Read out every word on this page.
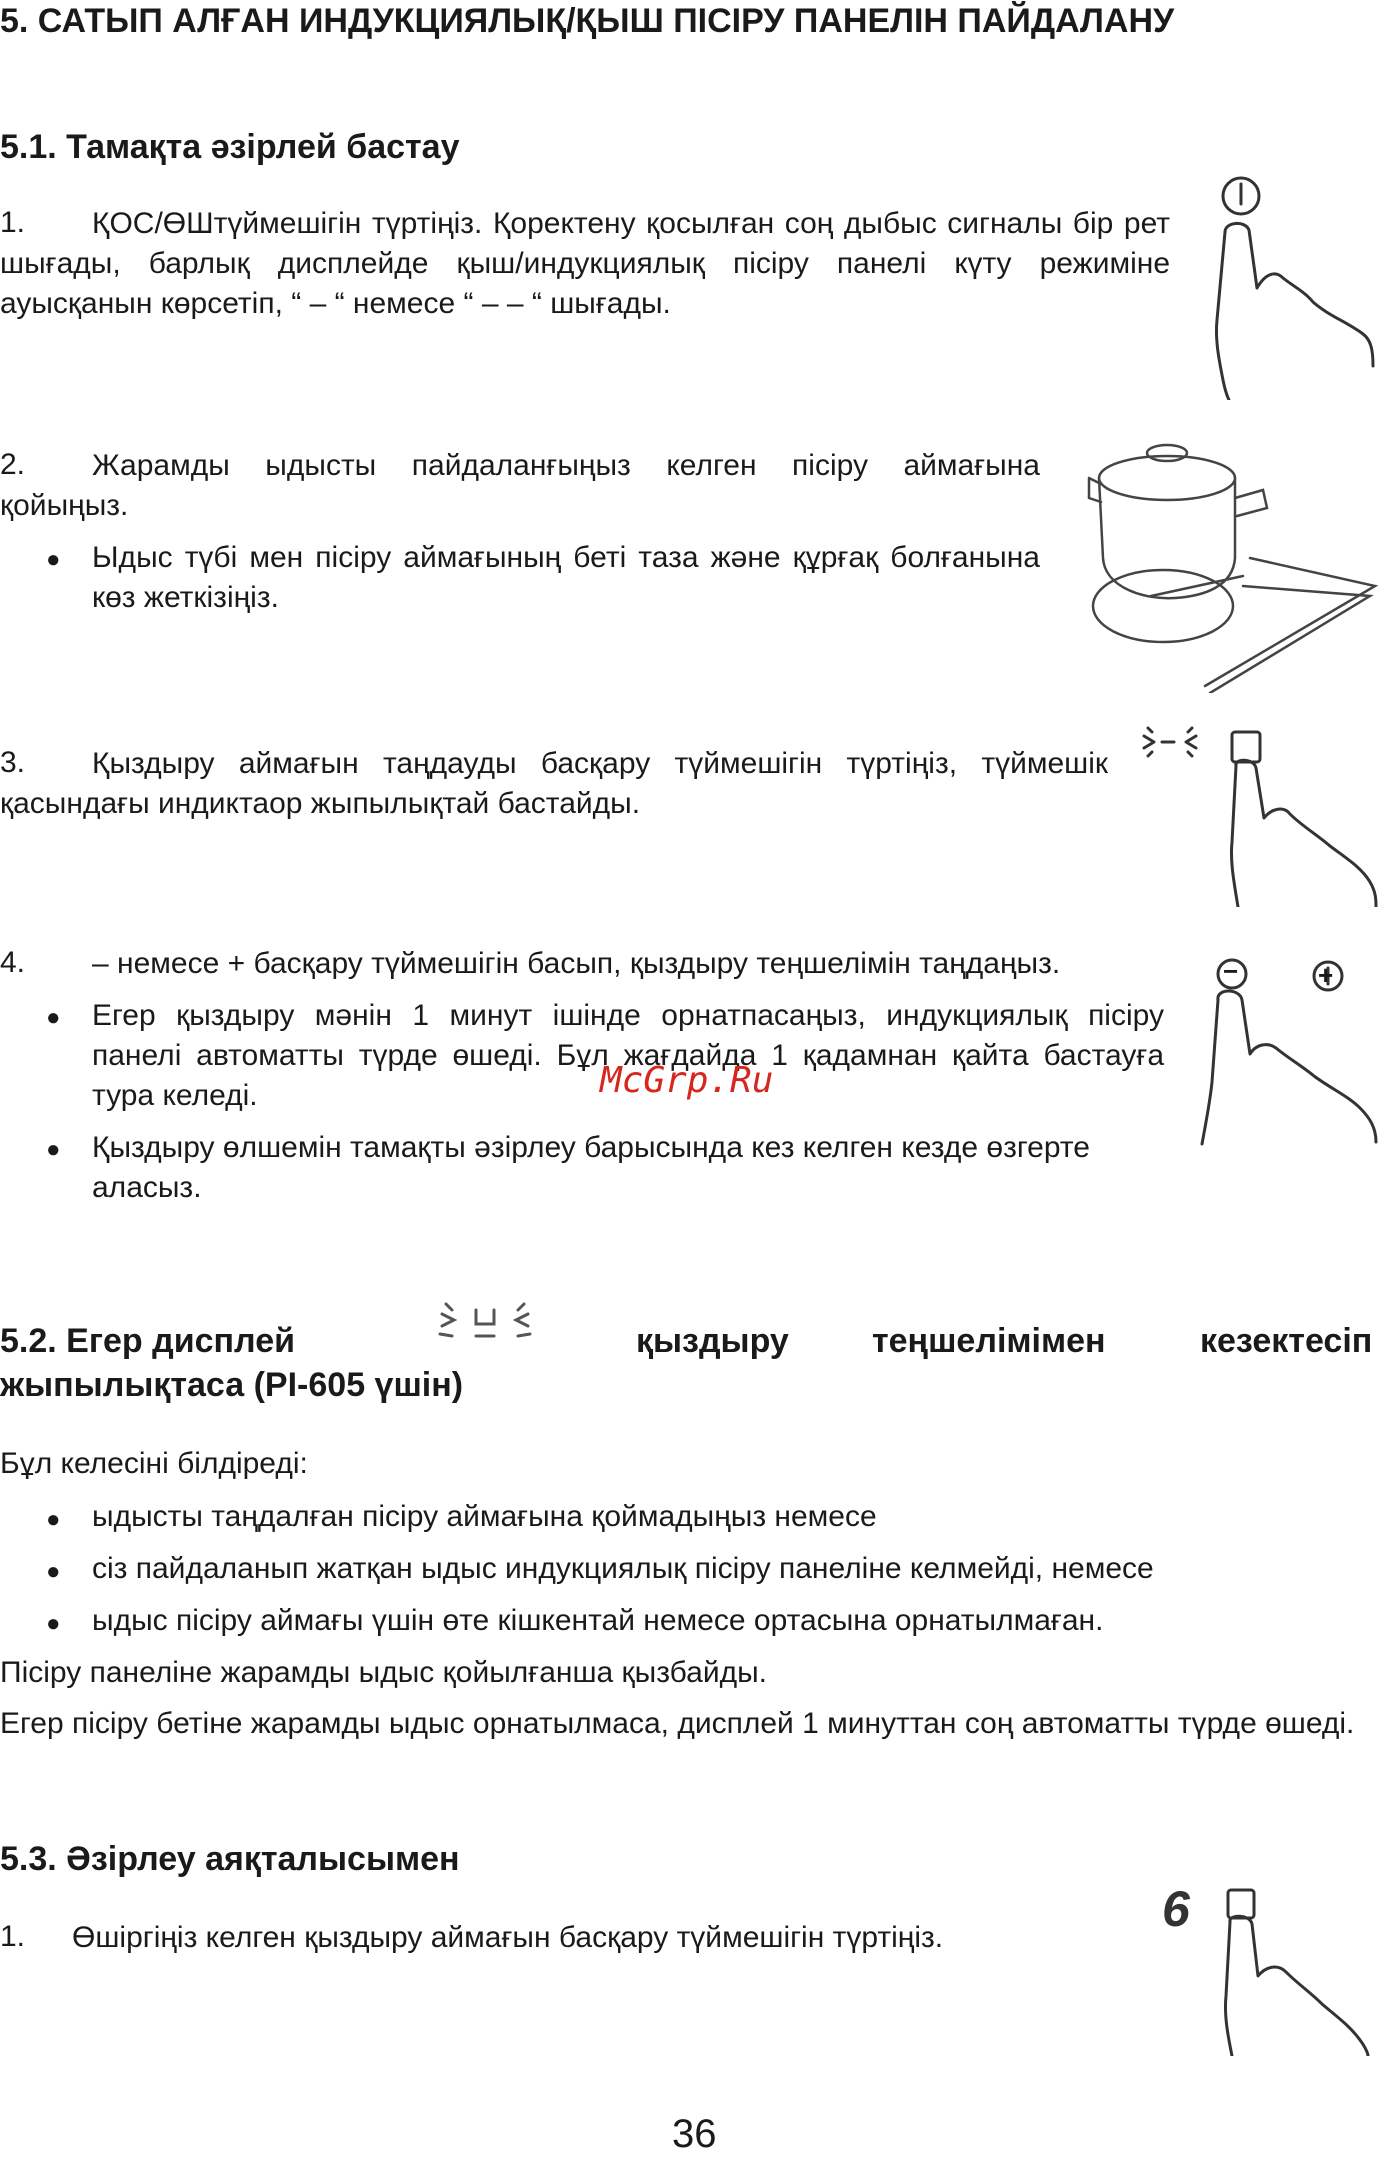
5. САТЫП АЛҒАН ИНДУКЦИЯЛЫҚ/ҚЫШ ПІСІРУ ПАНЕЛІН ПАЙДАЛАНУ
5.1. Тамақта әзірлей бастау
1.	ҚОС/ӨШтүймешігін түртіңіз. Қоректену қосылған соң дыбыс сигналы бір рет шығады, барлық дисплейде қыш/индукциялық пісіру панелі күту режиміне ауысқанын көрсетіп, “ – “ немесе “ – – “ шығады.
2.	Жарамды ыдысты пайдаланғыңыз келген пісіру аймағына қойыңыз.
● Ыдыс түбі мен пісіру аймағының беті таза және құрғақ болғанына көз жеткізіңіз.
3.	Қыздыру аймағын таңдауды басқару түймешігін түртіңіз, түймешік қасындағы индиктаор жыпылықтай бастайды.
4. – немесе + басқару түймешігін басып, қыздыру теңшелімін таңдаңыз.
● Егер қыздыру мәнін 1 минут ішінде орнатпасаңыз, индукциялық пісіру панелі автоматты түрде өшеді. Бұл жағдайда 1 қадамнан қайта бастауға тура келеді.
● Қыздыру өлшемін тамақты әзірлеу барысында кез келген кезде өзгерте аласыз.
−	+
McGrp.Ru
5.2. Егер дисплей	қыздыру теңшелімімен	кезектесіп
жыпылықтаса (PI-605 үшін)
Бұл келесіні білдіреді:
● ыдысты таңдалған пісіру аймағына қоймадыңыз немесе
● сіз пайдаланып жатқан ыдыс индукциялық пісіру панеліне келмейді, немесе
● ыдыс пісіру аймағы үшін өте кішкентай немесе ортасына орнатылмаған.
Пісіру панеліне жарамды ыдыс қойылғанша қызбайды.
Егер пісіру бетіне жарамды ыдыс орнатылмаса, дисплей 1 минуттан соң автоматты түрде өшеді.
5.3. Әзірлеу аяқталысымен
1. Өшіргіңіз келген қыздыру аймағын басқару түймешігін түртіңіз.
6
36
